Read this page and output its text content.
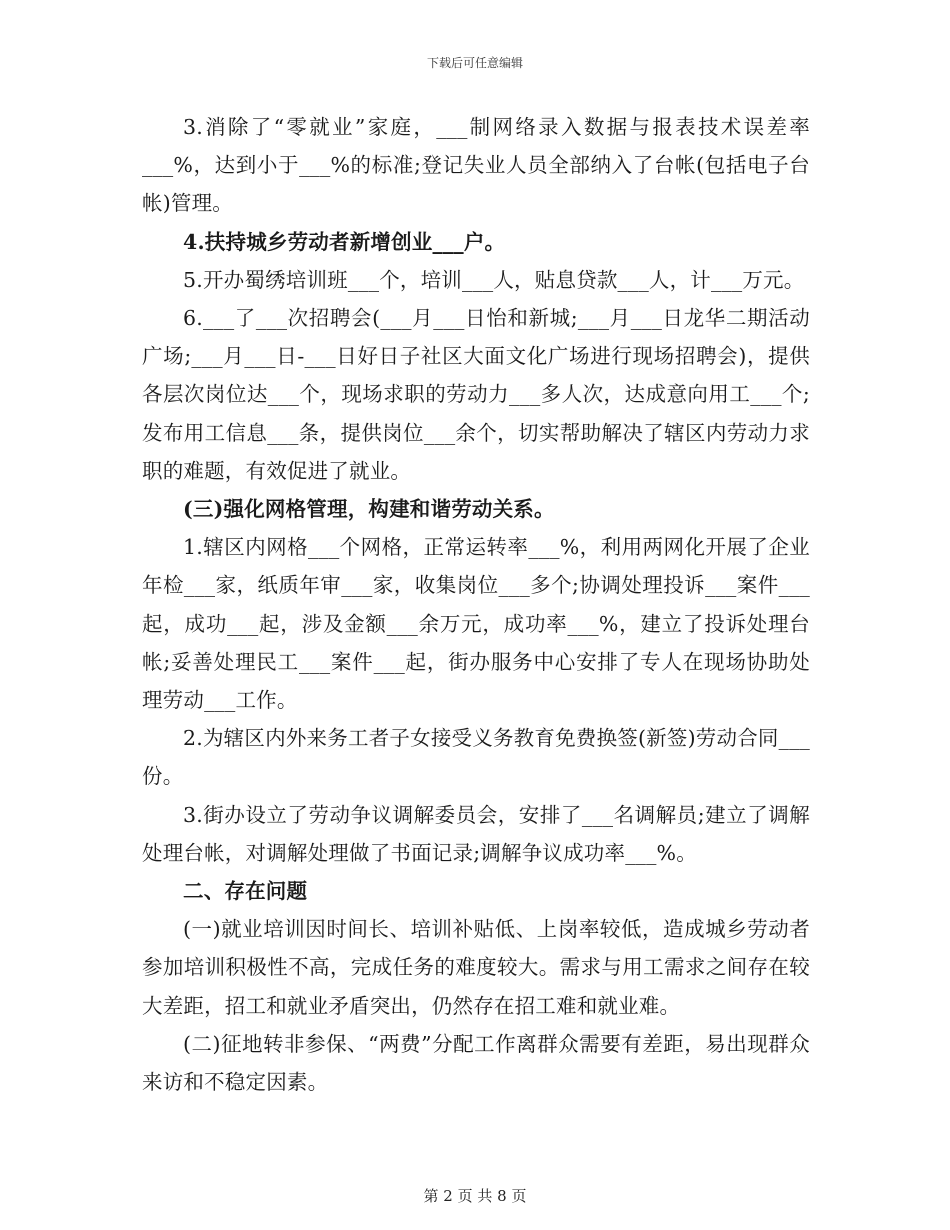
下载后可任意编辑

3.消除了“零就业”家庭，___制网络录入数据与报表技术误差率___%，达到小于___%的标准;登记失业人员全部纳入了台帐(包括电子台帐)管理。

4.扶持城乡劳动者新增创业___户。

5.开办蜀绣培训班___个，培训___人，贴息贷款___人，计___万元。

6.___了___次招聘会(___月___日怡和新城;___月___日龙华二期活动广场;___月___日-___日好日子社区大面文化广场进行现场招聘会)，提供各层次岗位达___个，现场求职的劳动力___多人次，达成意向用工___个;发布用工信息___条，提供岗位___余个，切实帮助解决了辖区内劳动力求职的难题，有效促进了就业。

(三)强化网格管理，构建和谐劳动关系。

1.辖区内网格___个网格，正常运转率___%，利用两网化开展了企业年检___家，纸质年审___家，收集岗位___多个;协调处理投诉___案件___起，成功___起，涉及金额___余万元，成功率___%，建立了投诉处理台帐;妥善处理民工___案件___起，街办服务中心安排了专人在现场协助处理劳动___工作。

2.为辖区内外来务工者子女接受义务教育免费换签(新签)劳动合同___份。

3.街办设立了劳动争议调解委员会，安排了___名调解员;建立了调解处理台帐，对调解处理做了书面记录;调解争议成功率___%。

二、存在问题

(一)就业培训因时间长、培训补贴低、上岗率较低，造成城乡劳动者参加培训积极性不高，完成任务的难度较大。需求与用工需求之间存在较大差距，招工和就业矛盾突出，仍然存在招工难和就业难。

(二)征地转非参保、“两费”分配工作离群众需要有差距，易出现群众来访和不稳定因素。

第 2 页 共 8 页
